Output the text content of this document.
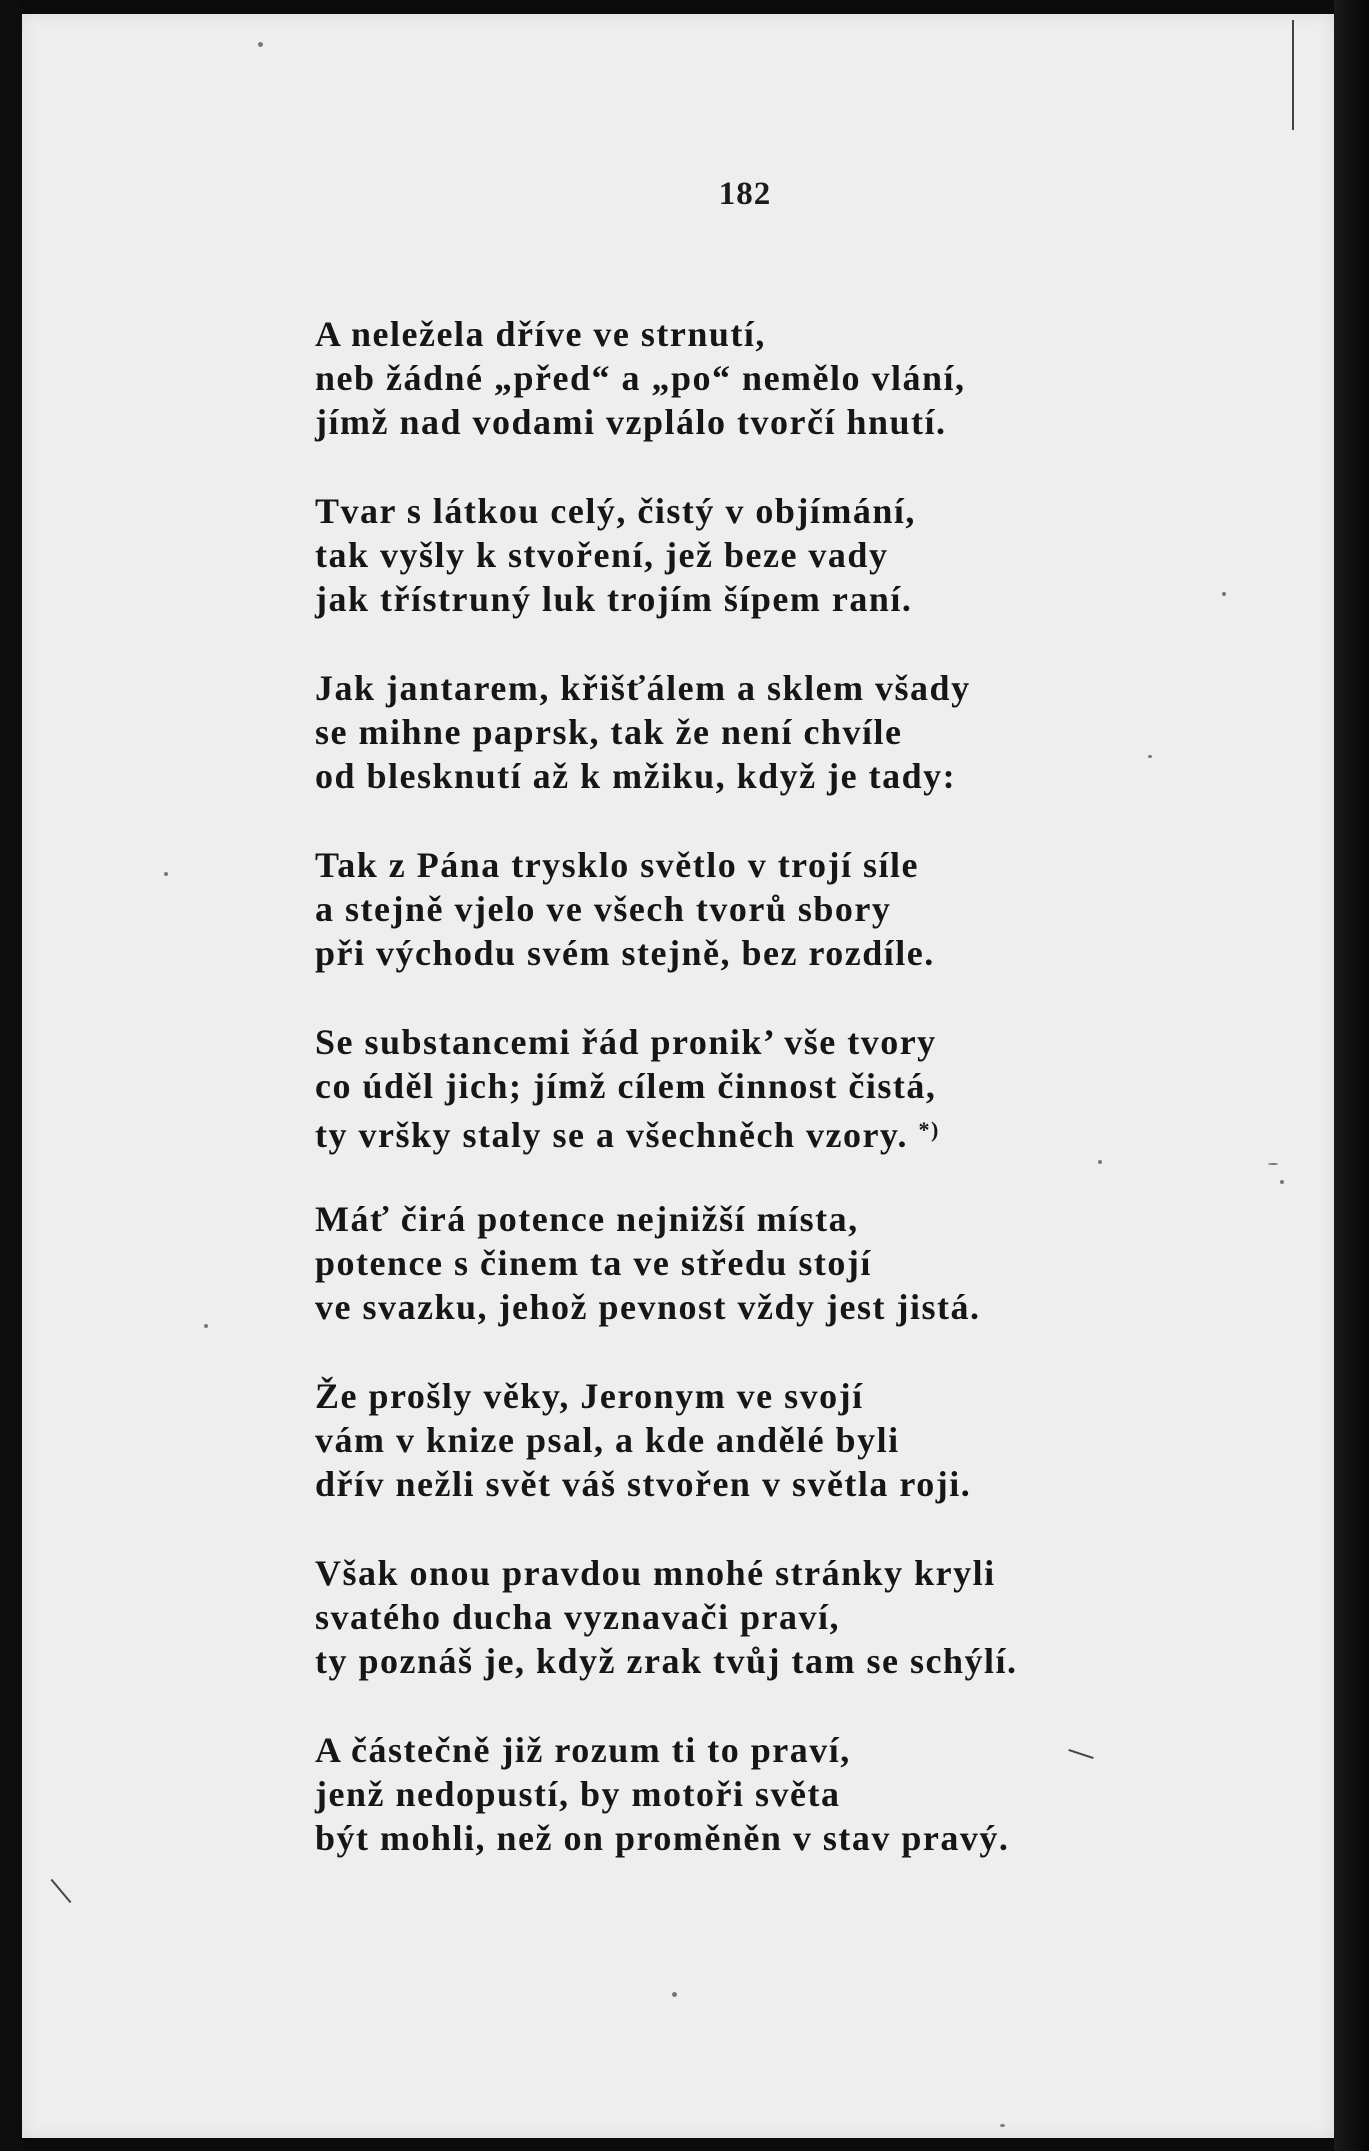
182
A neležela dříve ve strnutí,
neb žádné „před“ a „po“ nemělo vlání,
jímž nad vodami vzplálo tvorčí hnutí.
Tvar s látkou celý, čistý v objímání,
tak vyšly k stvoření, jež beze vady
jak třístruný luk trojím šípem raní.
Jak jantarem, křišťálem a sklem všady
se mihne paprsk, tak že není chvíle
od blesknutí až k mžiku, když je tady:
Tak z Pána trysklo světlo v trojí síle
a stejně vjelo ve všech tvorů sbory
při východu svém stejně, bez rozdíle.
Se substancemi řád pronik’ vše tvory
co úděl jich; jímž cílem činnost čistá,
ty vršky staly se a všechněch vzory. *)
Máť čirá potence nejnižší místa,
potence s činem ta ve středu stojí
ve svazku, jehož pevnost vždy jest jistá.
Že prošly věky, Jeronym ve svojí
vám v knize psal, a kde andělé byli
dřív nežli svět váš stvořen v světla roji.
Však onou pravdou mnohé stránky kryli
svatého ducha vyznavači praví,
ty poznáš je, když zrak tvůj tam se schýlí.
A částečně již rozum ti to praví,
jenž nedopustí, by motoři světa
být mohli, než on proměněn v stav pravý.
